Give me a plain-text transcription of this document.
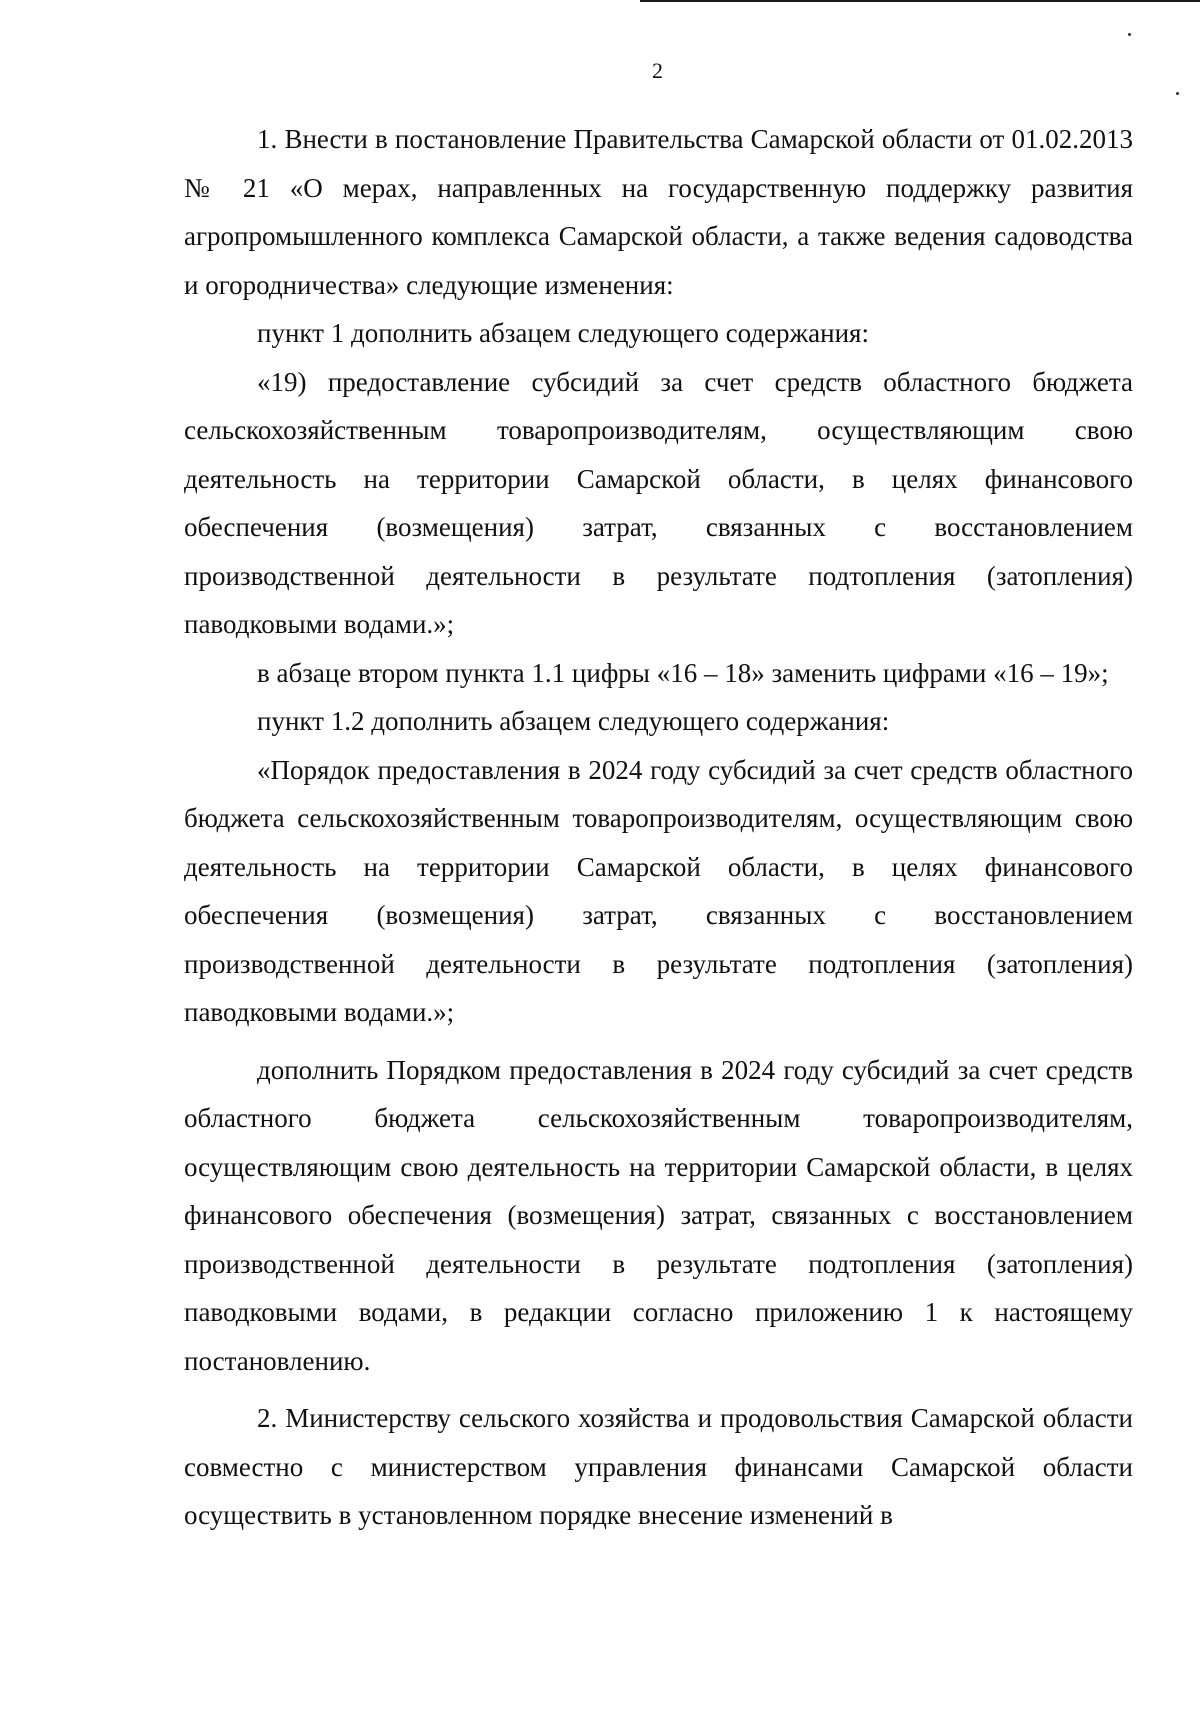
2

1. Внести в постановление Правительства Самарской области от 01.02.2013 № 21 «О мерах, направленных на государственную поддержку развития агропромышленного комплекса Самарской области, а также ведения садоводства и огородничества» следующие изменения:

пункт 1 дополнить абзацем следующего содержания:

«19) предоставление субсидий за счет средств областного бюджета сельскохозяйственным товаропроизводителям, осуществляющим свою деятельность на территории Самарской области, в целях финансового обеспечения (возмещения) затрат, связанных с восстановлением производственной деятельности в результате подтопления (затопления) паводковыми водами.»;

в абзаце втором пункта 1.1 цифры «16 – 18» заменить цифрами «16 – 19»;

пункт 1.2 дополнить абзацем следующего содержания:

«Порядок предоставления в 2024 году субсидий за счет средств областного бюджета сельскохозяйственным товаропроизводителям, осуществляющим свою деятельность на территории Самарской области, в целях финансового обеспечения (возмещения) затрат, связанных с восстановлением производственной деятельности в результате подтопления (затопления) паводковыми водами.»;

дополнить Порядком предоставления в 2024 году субсидий за счет средств областного бюджета сельскохозяйственным товаропроизводителям, осуществляющим свою деятельность на территории Самарской области, в целях финансового обеспечения (возмещения) затрат, связанных с восстановлением производственной деятельности в результате подтопления (затопления) паводковыми водами, в редакции согласно приложению 1 к настоящему постановлению.

2. Министерству сельского хозяйства и продовольствия Самарской области совместно с министерством управления финансами Самарской области осуществить в установленном порядке внесение изменений в
